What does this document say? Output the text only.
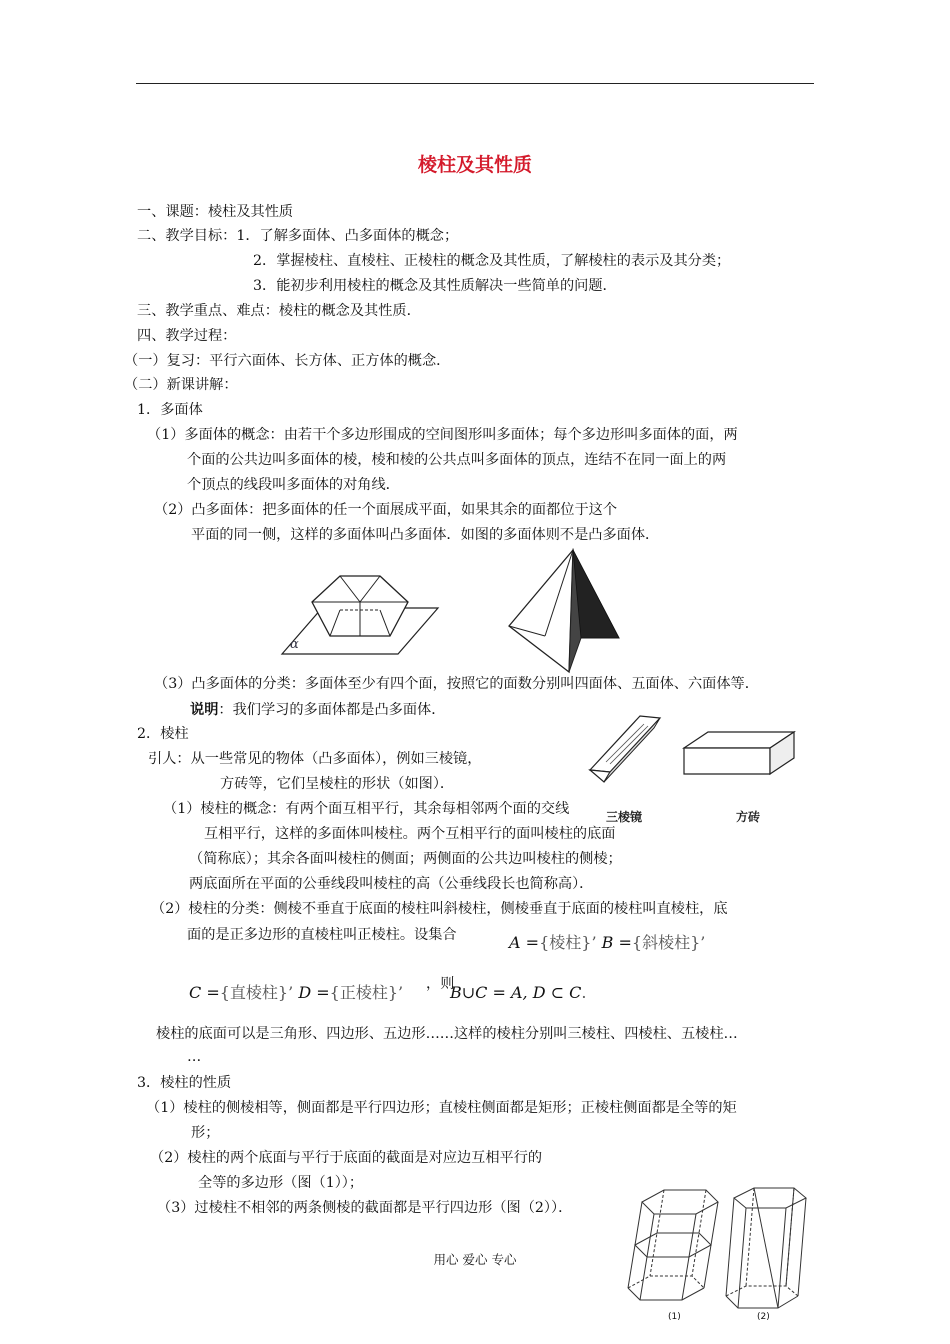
棱柱及其性质
一、课题：棱柱及其性质
二、教学目标：1．了解多面体、凸多面体的概念；
2．掌握棱柱、直棱柱、正棱柱的概念及其性质，了解棱柱的表示及其分类；
3．能初步利用棱柱的概念及其性质解决一些简单的问题．
三、教学重点、难点：棱柱的概念及其性质．
四、教学过程：
（一）复习：平行六面体、长方体、正方体的概念．
（二）新课讲解：
1．多面体
（1）多面体的概念：由若干个多边形围成的空间图形叫多面体；每个多边形叫多面体的面，两
个面的公共边叫多面体的棱，棱和棱的公共点叫多面体的顶点，连结不在同一面上的两
个顶点的线段叫多面体的对角线．
（2）凸多面体：把多面体的任一个面展成平面，如果其余的面都位于这个
平面的同一侧，这样的多面体叫凸多面体．如图的多面体则不是凸多面体．
α
（3）凸多面体的分类：多面体至少有四个面，按照它的面数分别叫四面体、五面体、六面体等．
说明：我们学习的多面体都是凸多面体．
2．棱柱
引人：从一些常见的物体（凸多面体），例如三棱镜，
方砖等，它们呈棱柱的形状（如图）．
三棱镜	方砖
（1）棱柱的概念：有两个面互相平行，其余每相邻两个面的交线
互相平行，这样的多面体叫棱柱。两个互相平行的面叫棱柱的底面
（简称底）；其余各面叫棱柱的侧面；两侧面的公共边叫棱柱的侧棱；
两底面所在平面的公垂线段叫棱柱的高（公垂线段长也简称高）．
（2）棱柱的分类：侧棱不垂直于底面的棱柱叫斜棱柱，侧棱垂直于底面的棱柱叫直棱柱，底
面的是正多边形的直棱柱叫正棱柱。设集合	A ={棱柱}’ B ={斜棱柱}’
C ={直棱柱}’ D ={正棱柱}’ ，则
B∪C = A, D ⊂ C.
棱柱的底面可以是三角形、四边形、五边形……这样的棱柱分别叫三棱柱、四棱柱、五棱柱…
…
3．棱柱的性质
（1）棱柱的侧棱相等，侧面都是平行四边形；直棱柱侧面都是矩形；正棱柱侧面都是全等的矩
形；
（2）棱柱的两个底面与平行于底面的截面是对应边互相平行的
全等的多边形（图（1））；
（3）过棱柱不相邻的两条侧棱的截面都是平行四边形（图（2））．
(1)	(2)
用心 爱心 专心
